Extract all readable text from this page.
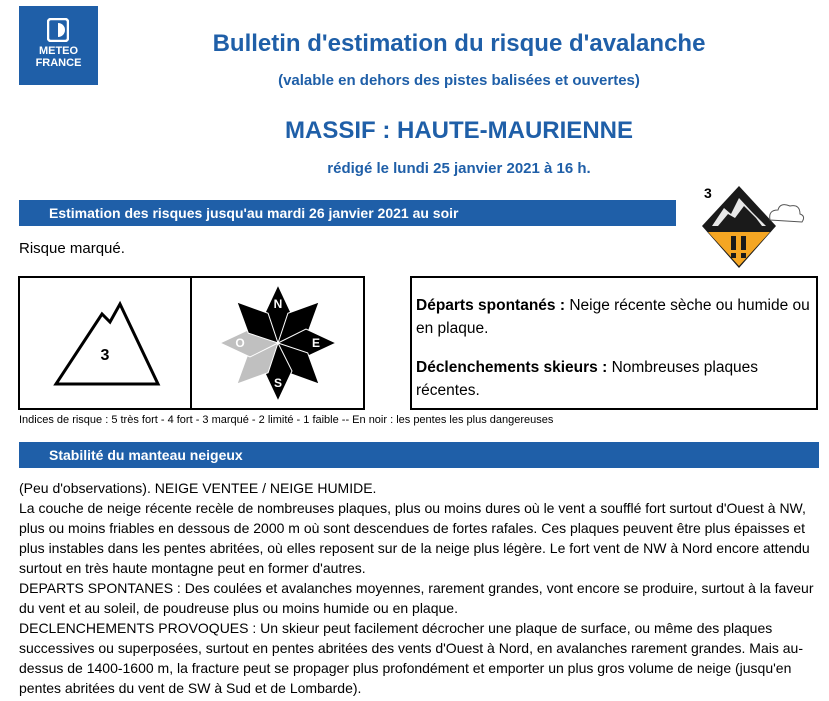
METEO
FRANCE
Bulletin d'estimation du risque d'avalanche
(valable en dehors des pistes balisées et ouvertes)
MASSIF : HAUTE-MAURIENNE
rédigé le lundi 25 janvier 2021 à 16 h.
Estimation des risques jusqu'au mardi 26 janvier 2021 au soir
3
Risque marqué.
3
N
E
S
O

Départs spontanés : Neige récente sèche ou humide ou en plaque.

Déclenchements skieurs : Nombreuses plaques récentes.

Indices de risque : 5 très fort - 4 fort - 3 marqué - 2 limité - 1 faible -- En noir : les pentes les plus dangereuses
Stabilité du manteau neigeux
(Peu d'observations). NEIGE VENTEE / NEIGE HUMIDE.
La couche de neige récente recèle de nombreuses plaques, plus ou moins dures où le vent a soufflé fort surtout d'Ouest à NW, plus ou moins friables en dessous de 2000 m où sont descendues de fortes rafales. Ces plaques peuvent être plus épaisses et plus instables dans les pentes abritées, où elles reposent sur de la neige plus légère. Le fort vent de NW à Nord encore attendu surtout en très haute montagne peut en former d'autres.
DEPARTS SPONTANES : Des coulées et avalanches moyennes, rarement grandes, vont encore se produire, surtout à la faveur du vent et au soleil, de poudreuse plus ou moins humide ou en plaque.
DECLENCHEMENTS PROVOQUES : Un skieur peut facilement décrocher une plaque de surface, ou même des plaques successives ou superposées, surtout en pentes abritées des vents d'Ouest à Nord, en avalanches rarement grandes. Mais au-dessus de 1400-1600 m, la fracture peut se propager plus profondément et emporter un plus gros volume de neige (jusqu'en pentes abritées du vent de SW à Sud et de Lombarde).
